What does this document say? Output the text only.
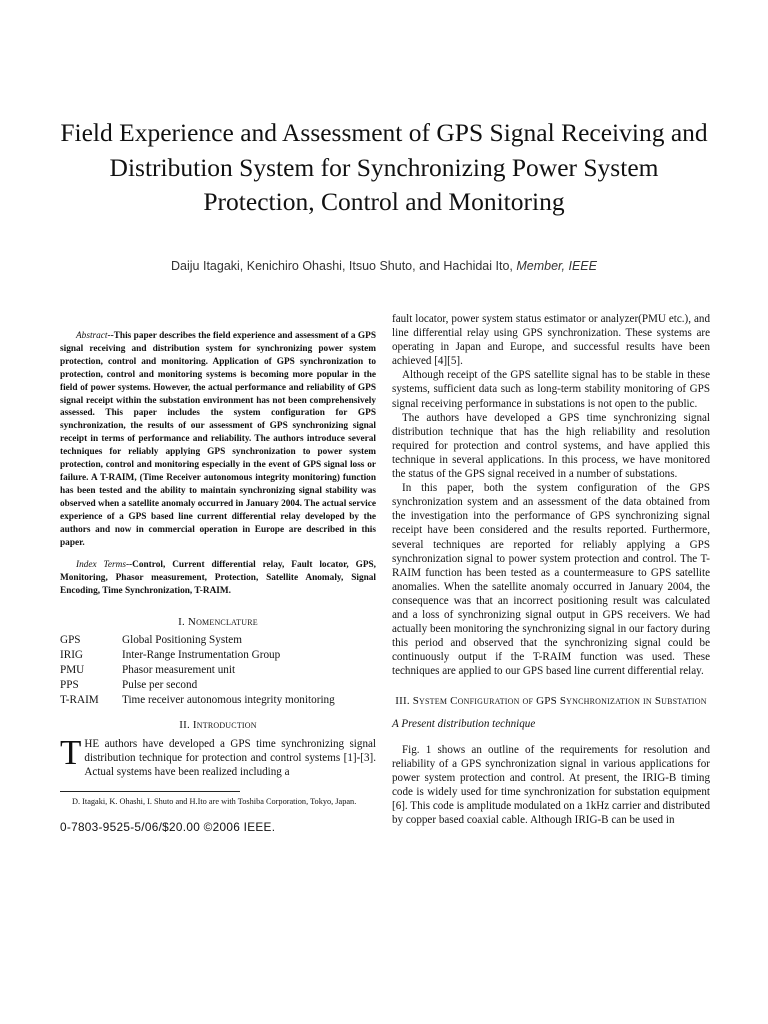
Field Experience and Assessment of GPS Signal Receiving and Distribution System for Synchronizing Power System Protection, Control and Monitoring
Daiju Itagaki, Kenichiro Ohashi, Itsuo Shuto, and Hachidai Ito, Member, IEEE

Abstract--This paper describes the field experience and assessment of a GPS signal receiving and distribution system for synchronizing power system protection, control and monitoring. Application of GPS synchronization to protection, control and monitoring systems is becoming more popular in the field of power systems. However, the actual performance and reliability of GPS signal receipt within the substation environment has not been comprehensively assessed. This paper includes the system configuration for GPS synchronization, the results of our assessment of GPS synchronizing signal receipt in terms of performance and reliability. The authors introduce several techniques for reliably applying GPS synchronization to power system protection, control and monitoring especially in the event of GPS signal loss or failure. A T-RAIM, (Time Receiver autonomous integrity monitoring) function has been tested and the ability to maintain synchronizing signal stability was observed when a satellite anomaly occurred in January 2004. The actual service experience of a GPS based line current differential relay developed by the authors and now in commercial operation in Europe are described in this paper.

Index Terms--Control, Current differential relay, Fault locator, GPS, Monitoring, Phasor measurement, Protection, Satellite Anomaly, Signal Encoding, Time Synchronization, T-RAIM.

I. Nomenclature

GPS	Global Positioning System
IRIG	Inter-Range Instrumentation Group
PMU	Phasor measurement unit
PPS	Pulse per second
T-RAIM	Time receiver autonomous integrity monitoring

II. Introduction

THE authors have developed a GPS time synchronizing signal distribution technique for protection and control systems [1]-[3]. Actual systems have been realized including a

D. Itagaki, K. Ohashi, I. Shuto and H.Ito are with Toshiba Corporation, Tokyo, Japan.

0-7803-9525-5/06/$20.00 ©2006 IEEE.

fault locator, power system status estimator or analyzer(PMU etc.), and line differential relay using GPS synchronization. These systems are operating in Japan and Europe, and successful results have been achieved [4][5].

Although receipt of the GPS satellite signal has to be stable in these systems, sufficient data such as long-term stability monitoring of GPS signal receiving performance in substations is not open to the public.

The authors have developed a GPS time synchronizing signal distribution technique that has the high reliability and resolution required for protection and control systems, and have applied this technique in several applications. In this process, we have monitored the status of the GPS signal received in a number of substations.

In this paper, both the system configuration of the GPS synchronization system and an assessment of the data obtained from the investigation into the performance of GPS synchronizing signal receipt have been considered and the results reported. Furthermore, several techniques are reported for reliably applying a GPS synchronization signal to power system protection and control. The T-RAIM function has been tested as a countermeasure to GPS satellite anomalies. When the satellite anomaly occurred in January 2004, the consequence was that an incorrect positioning result was calculated and a loss of synchronizing signal output in GPS receivers. We had actually been monitoring the synchronizing signal in our factory during this period and observed that the synchronizing signal could be continuously output if the T-RAIM function was used. These techniques are applied to our GPS based line current differential relay.

III. System Configuration of GPS Synchronization in Substation

A Present distribution technique

Fig. 1 shows an outline of the requirements for resolution and reliability of a GPS synchronization signal in various applications for power system protection and control. At present, the IRIG-B timing code is widely used for time synchronization for substation equipment [6]. This code is amplitude modulated on a 1kHz carrier and distributed by copper based coaxial cable. Although IRIG-B can be used in
